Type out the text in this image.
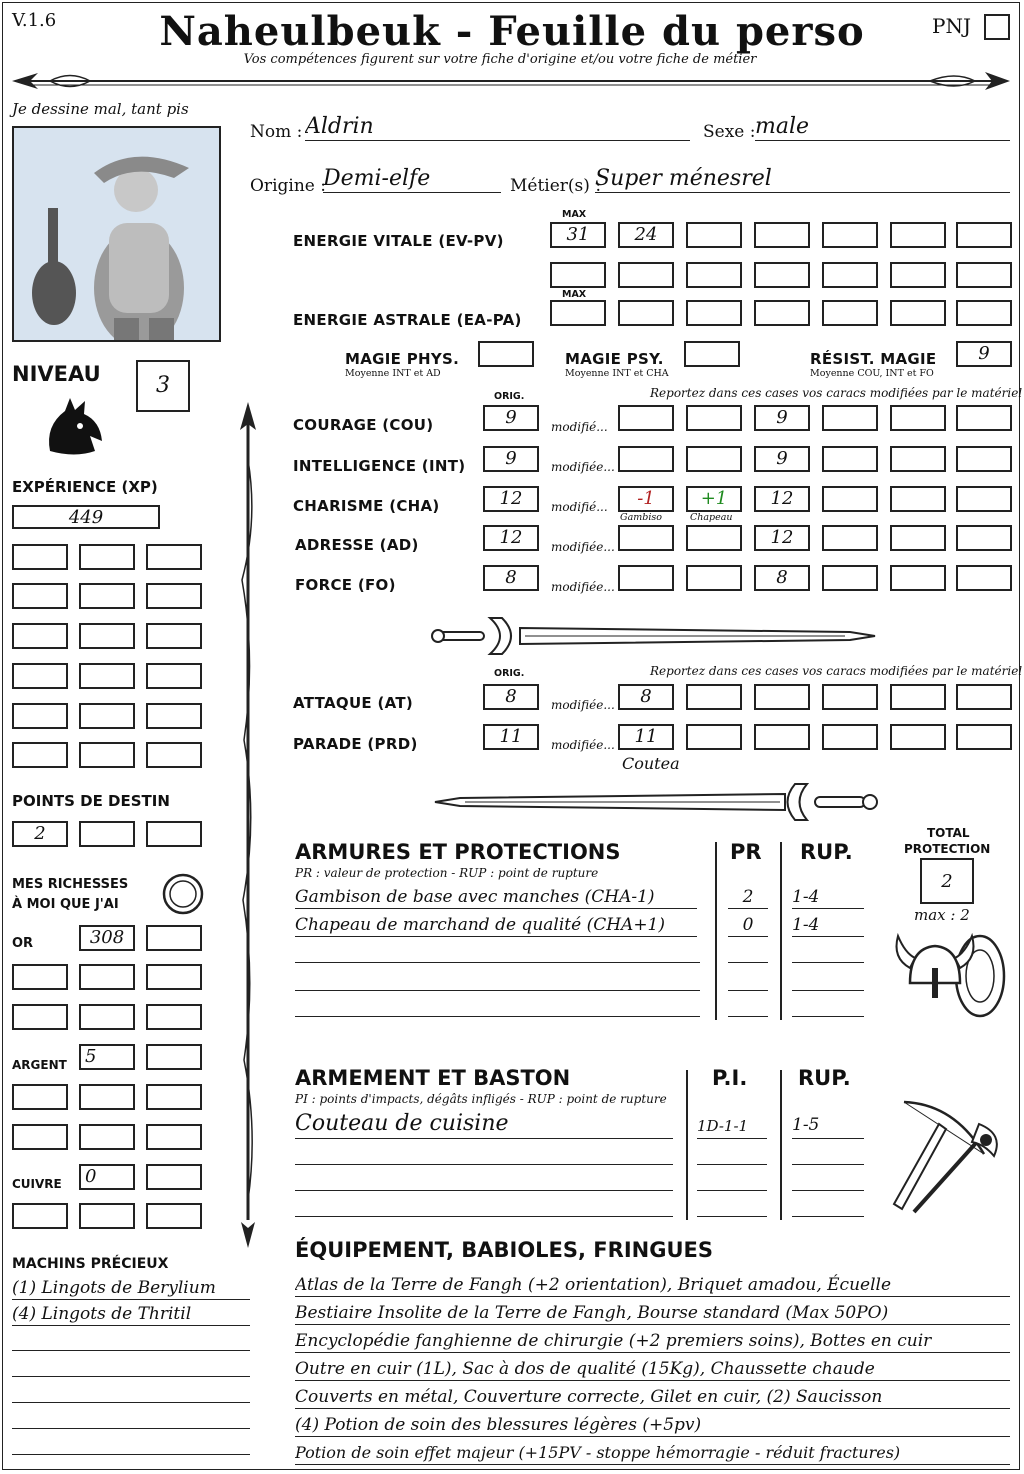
V.1.6	Naheulbeuk - Feuille du perso
Vos compétences figurent sur votre fiche d'origine et/ou votre fiche de métier
PNJ
Je dessine mal, tant pis
Nom : Aldrin	Sexe : male
Origine :
Demi-elfe	Métier(s) :
Super ménesrel
MAX
ENERGIE VITALE (EV-PV)	31	24
MAX
ENERGIE ASTRALE (EA-PA)
MAGIE PHYS.
Moyenne INT et AD
MAGIE PSY.
Moyenne INT et CHA
RÉSIST. MAGIE
Moyenne COU, INT et FO
9
ORIG.	Reportez dans ces cases vos caracs modifiées par le matériel
COURAGE (COU)	9	modifié...	9
INTELLIGENCE (INT)	9	modifiée...	9
CHARISME (CHA)	12	modifié...	-1	+1	12
Gambiso	Chapeau
ADRESSE (AD)	12	modifiée...	12
FORCE (FO)	8	modifiée...	8
ORIG.	Reportez dans ces cases vos caracs modifiées par le matériel
ATTAQUE (AT)	8	modifiée...	8
PARADE (PRD)	11	modifiée...	11
Coutea
NIVEAU	3
EXPÉRIENCE (XP)
449
POINTS DE DESTIN
2
MES RICHESSES
À MOI QUE J'AI
OR	308
ARGENT	5
CUIVRE	0
MACHINS PRÉCIEUX
(1) Lingots de Berylium
(4) Lingots de Thritil
ARMURES ET PROTECTIONS
PR : valeur de protection - RUP : point de rupture
PR RUP.
Gambison de base avec manches (CHA-1)	2	1-4
Chapeau de marchand de qualité (CHA+1)	0	1-4
TOTAL
PROTECTION
2
max : 2
ARMEMENT ET BASTON
PI : points d'impacts, dégâts infligés - RUP : point de rupture
P.I. RUP.
Couteau de cuisine	1D-1-1	1-5
ÉQUIPEMENT, BABIOLES, FRINGUES
Atlas de la Terre de Fangh (+2 orientation), Briquet amadou, Écuelle
Bestiaire Insolite de la Terre de Fangh, Bourse standard (Max 50PO)
Encyclopédie fanghienne de chirurgie (+2 premiers soins), Bottes en cuir
Outre en cuir (1L), Sac à dos de qualité (15Kg), Chaussette chaude
Couverts en métal, Couverture correcte, Gilet en cuir, (2) Saucisson
(4) Potion de soin des blessures légères (+5pv)
Potion de soin effet majeur (+15PV - stoppe hémorragie - réduit fractures)
